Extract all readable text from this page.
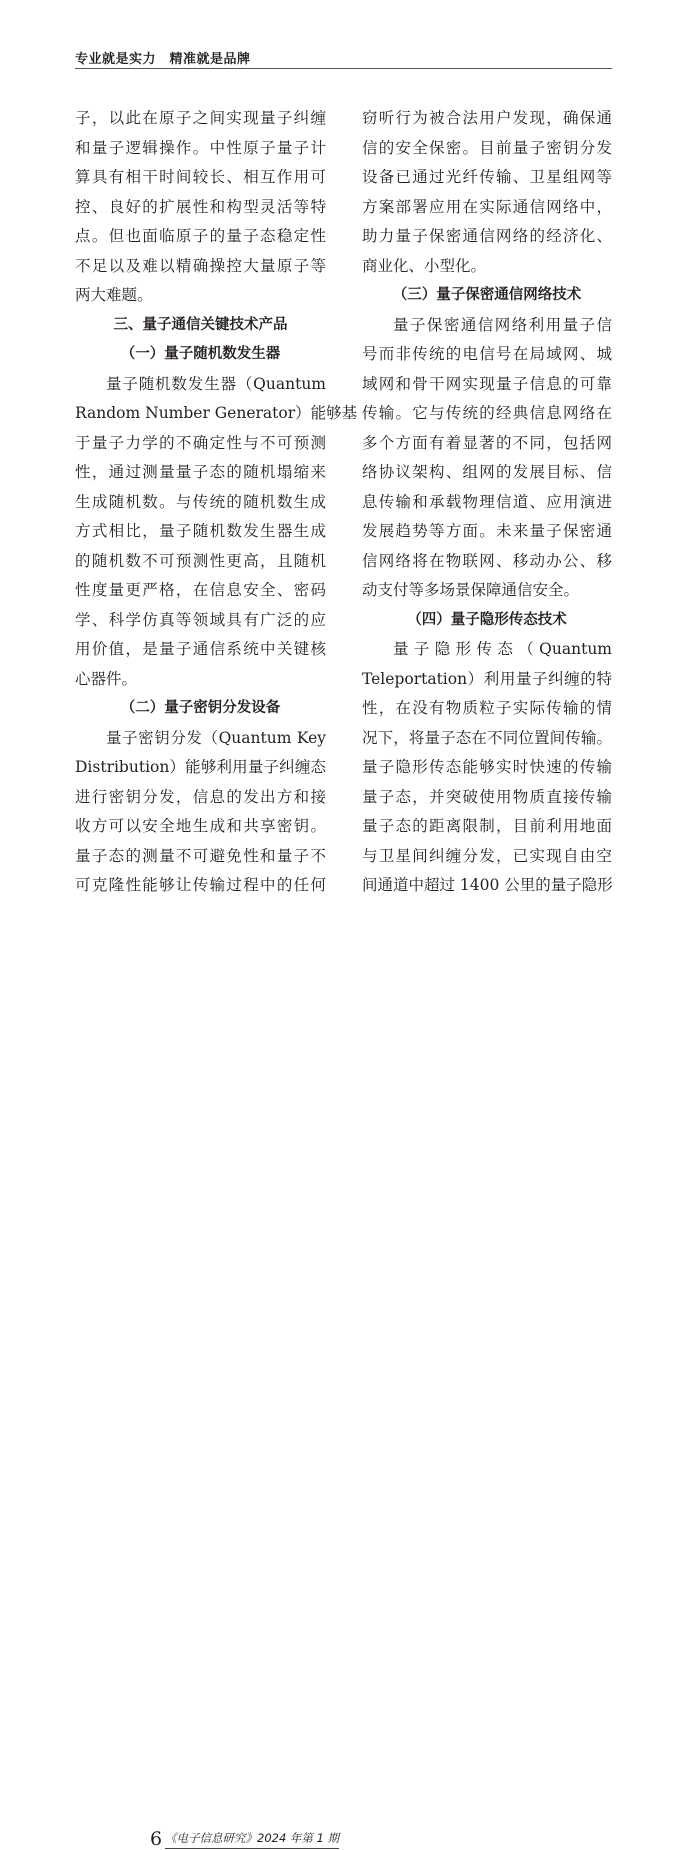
专业就是实力　精准就是品牌
子，以此在原子之间实现量子纠缠
和量子逻辑操作。中性原子量子计
算具有相干时间较长、相互作用可
控、良好的扩展性和构型灵活等特
点。但也面临原子的量子态稳定性
不足以及难以精确操控大量原子等
两大难题。
三、量子通信关键技术产品
（一）量子随机数发生器
量子随机数发生器（Quantum
Random Number Generator）能够基
于量子力学的不确定性与不可预测
性，通过测量量子态的随机塌缩来
生成随机数。与传统的随机数生成
方式相比，量子随机数发生器生成
的随机数不可预测性更高，且随机
性度量更严格，在信息安全、密码
学、科学仿真等领域具有广泛的应
用价值，是量子通信系统中关键核
心器件。
（二）量子密钥分发设备
量子密钥分发（Quantum Key
Distribution）能够利用量子纠缠态
进行密钥分发，信息的发出方和接
收方可以安全地生成和共享密钥。
量子态的测量不可避免性和量子不
可克隆性能够让传输过程中的任何
窃听行为被合法用户发现，确保通
信的安全保密。目前量子密钥分发
设备已通过光纤传输、卫星组网等
方案部署应用在实际通信网络中，
助力量子保密通信网络的经济化、
商业化、小型化。
（三）量子保密通信网络技术
量子保密通信网络利用量子信
号而非传统的电信号在局域网、城
域网和骨干网实现量子信息的可靠
传输。它与传统的经典信息网络在
多个方面有着显著的不同，包括网
络协议架构、组网的发展目标、信
息传输和承载物理信道、应用演进
发展趋势等方面。未来量子保密通
信网络将在物联网、移动办公、移
动支付等多场景保障通信安全。
（四）量子隐形传态技术
量子隐形传态（Quantum
Teleportation）利用量子纠缠的特
性，在没有物质粒子实际传输的情
况下，将量子态在不同位置间传输。
量子隐形传态能够实时快速的传输
量子态，并突破使用物质直接传输
量子态的距离限制，目前利用地面
与卫星间纠缠分发，已实现自由空
间通道中超过 1400 公里的量子隐形
6 《电子信息研究》2024 年第 1 期
